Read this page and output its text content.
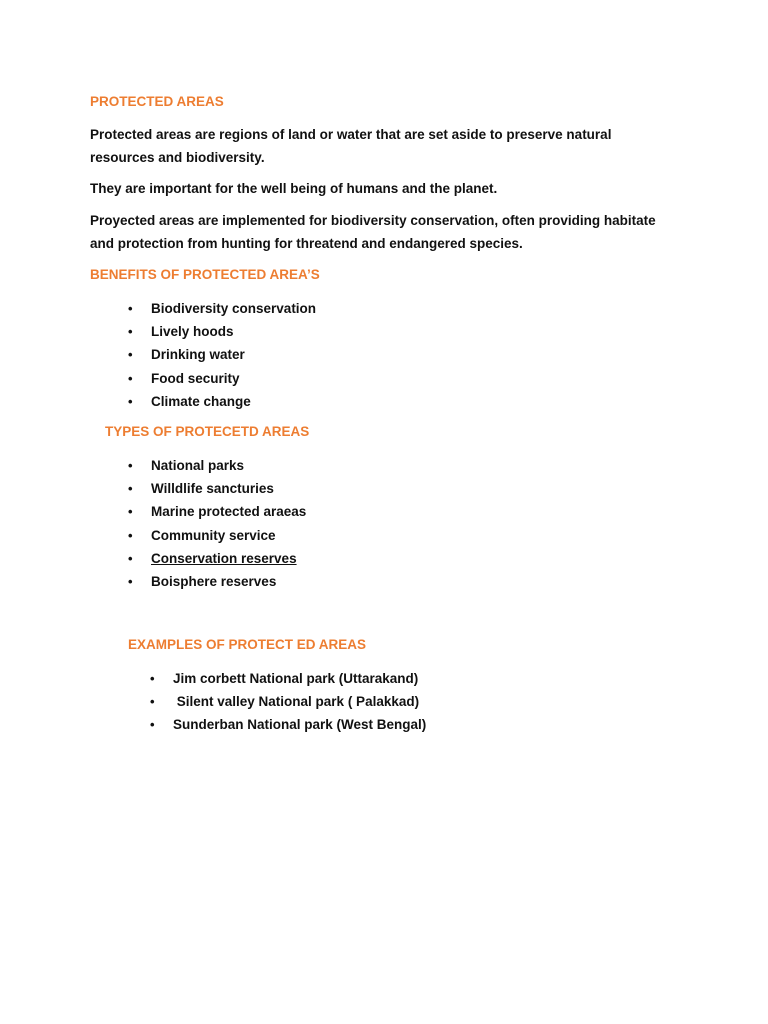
PROTECTED AREAS

Protected areas are regions of land or water that are set aside to preserve natural resources and biodiversity.

They are important for the well being of humans and the planet.

Proyected areas are implemented for biodiversity conservation, often providing habitate and protection from hunting for threatend and endangered species.

BENEFITS OF PROTECTED AREA’S
• Biodiversity conservation
• Lively hoods
• Drinking water
• Food security
• Climate change
TYPES OF PROTECETD AREAS
• National parks
• Willdlife sancturies
• Marine protected araeas
• Community service
• Conservation reserves
• Boisphere reserves
EXAMPLES OF PROTECT ED AREAS
• Jim corbett National park (Uttarakand)
• Silent valley National park ( Palakkad)
• Sunderban National park (West Bengal)
